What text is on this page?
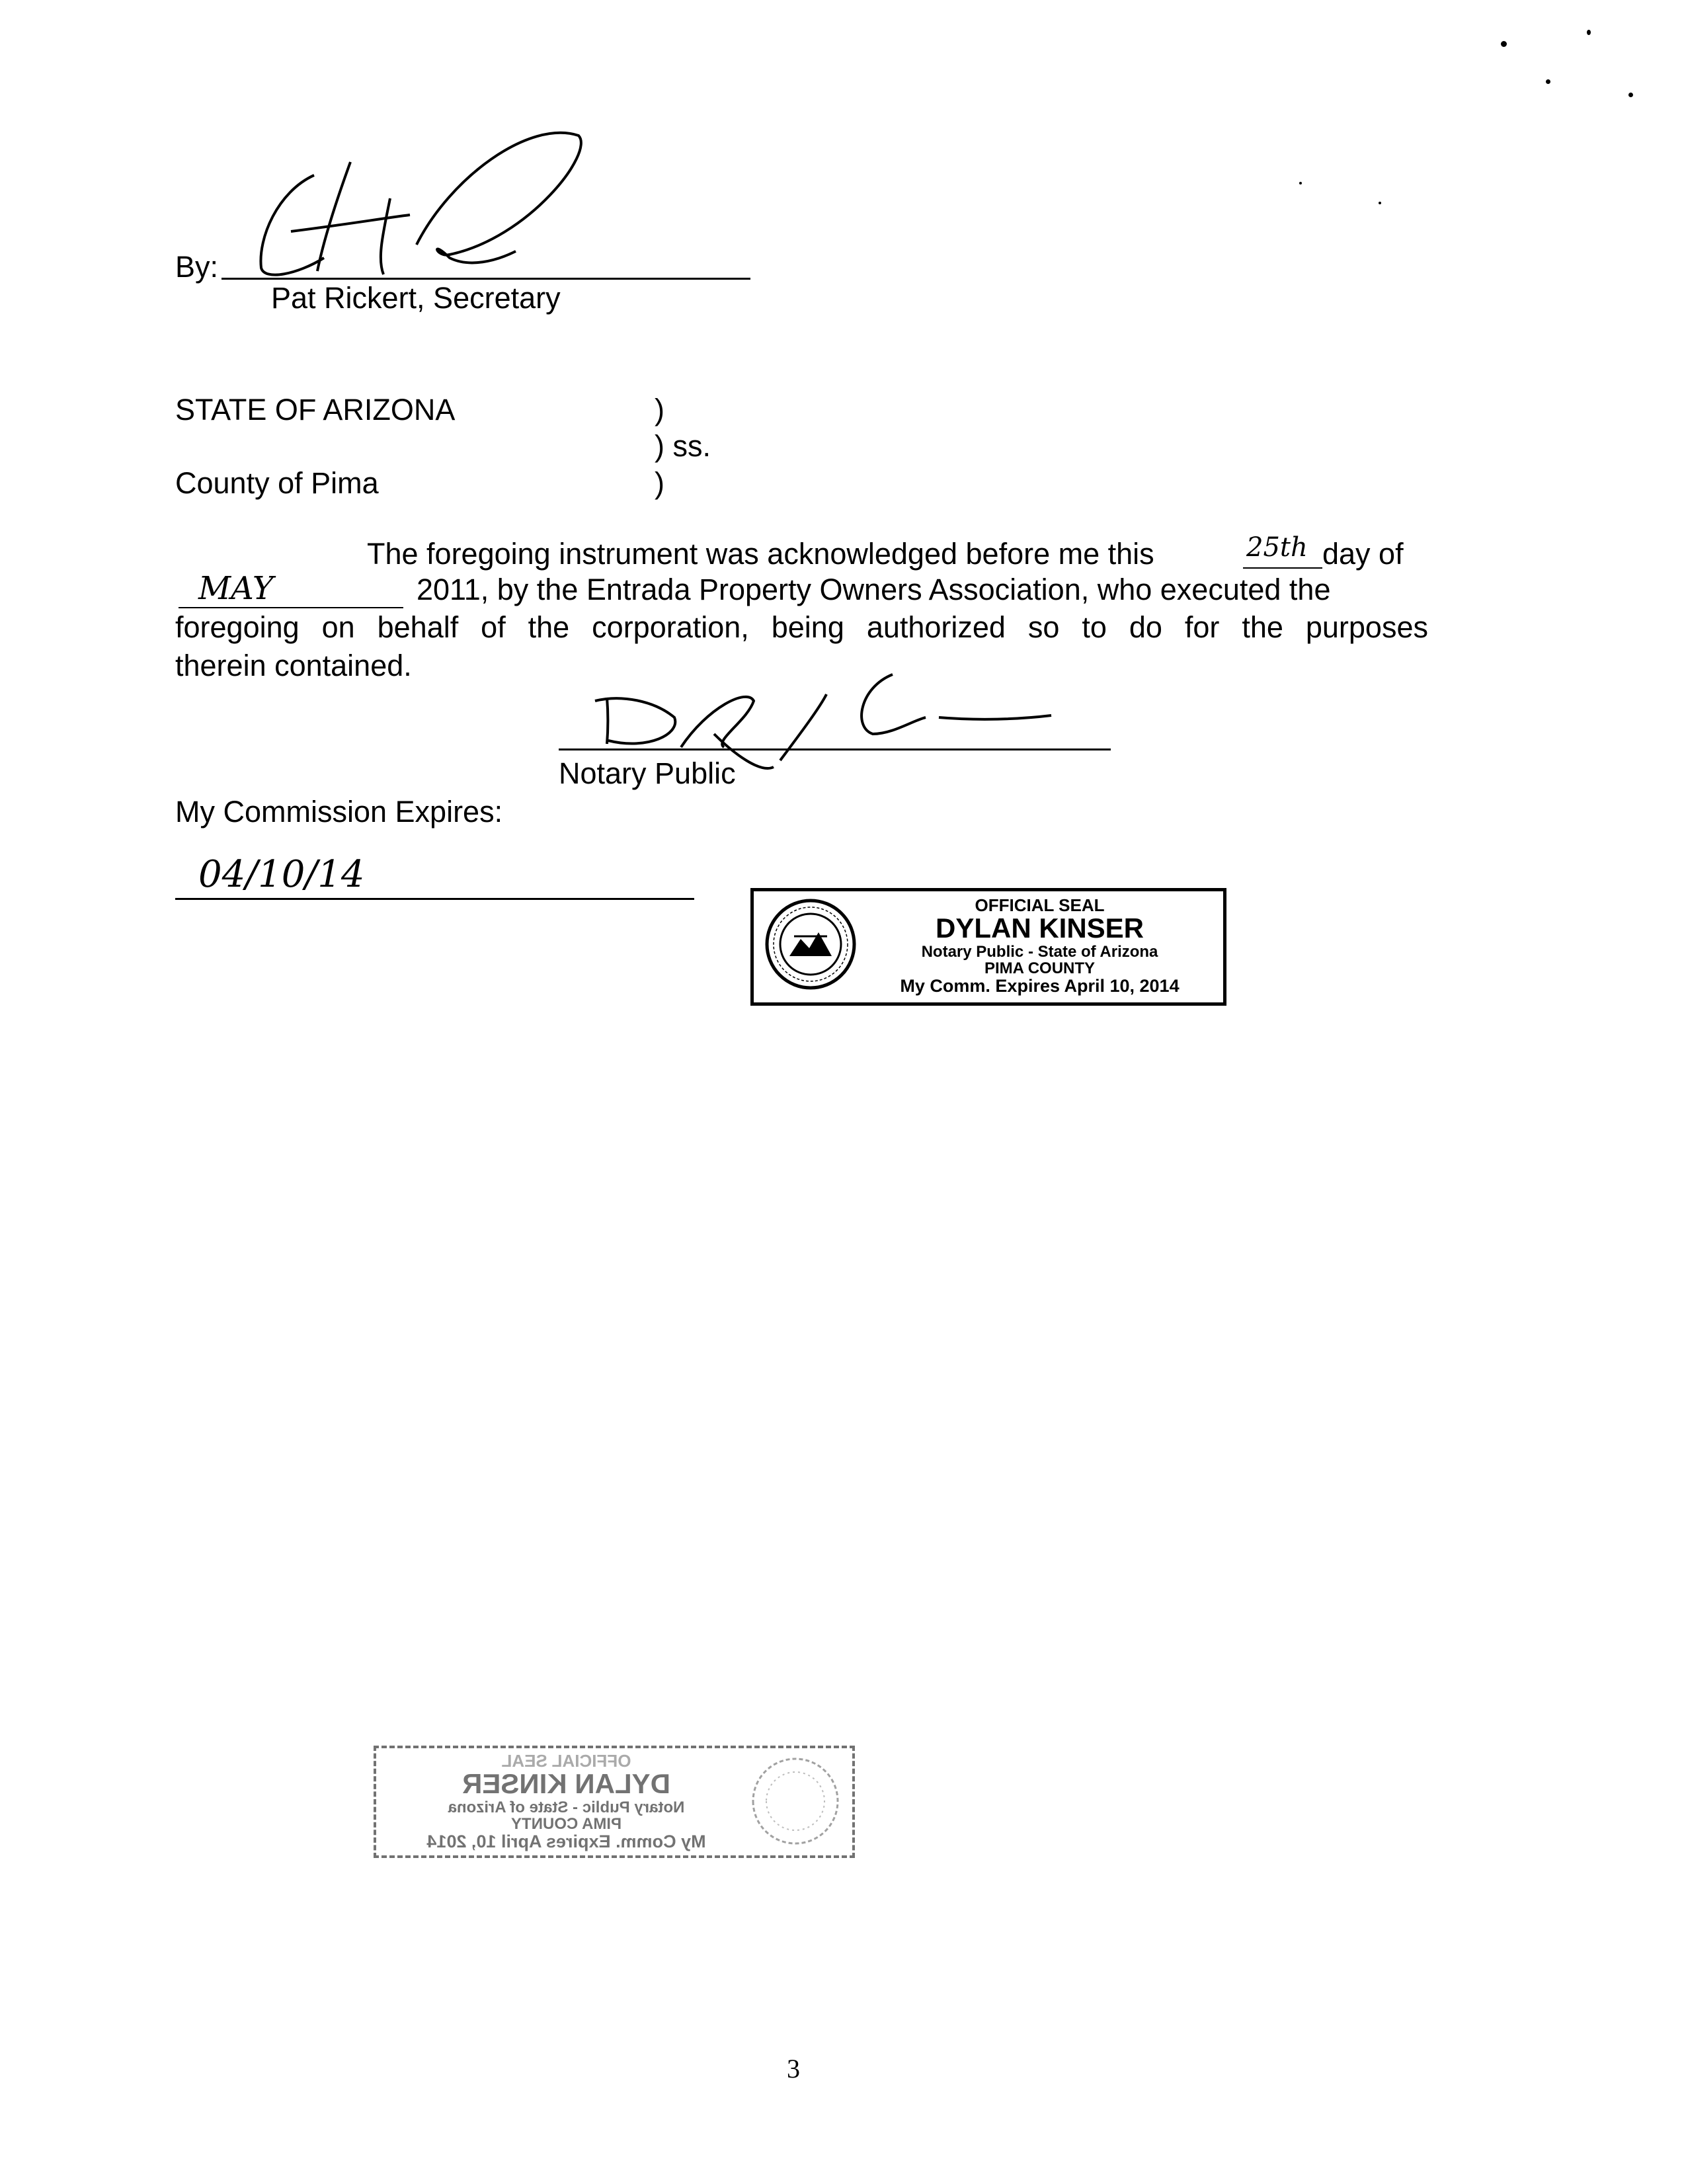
By:
Pat Rickert, Secretary
STATE OF ARIZONA	)
) ss.
County of Pima	)
The foregoing instrument was acknowledged before me this	25th day of
MAY	2011, by the Entrada Property Owners Association, who executed the
foregoing on behalf of the corporation, being authorized so to do for the purposes
therein contained.
Notary Public
My Commission Expires:
04/10/14
OFFICIAL SEAL
DYLAN KINSER
Notary Public - State of Arizona
PIMA COUNTY
My Comm. Expires April 10, 2014
OFFICIAL SEAL
DYLAN KINSER
Notary Public - State of Arizona
PIMA COUNTY
My Comm. Expires April 10, 2014
3
